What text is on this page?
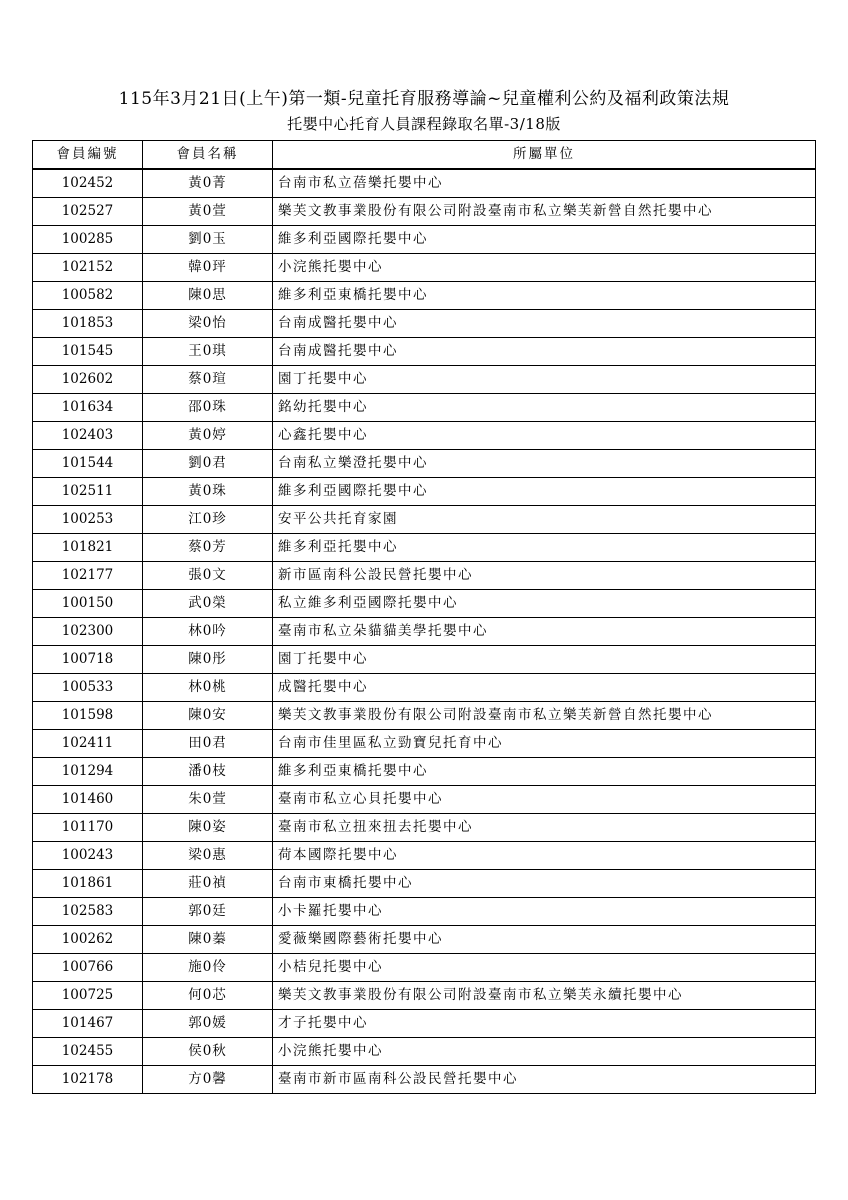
115年3月21日(上午)第一類-兒童托育服務導論~兒童權利公約及福利政策法規
托嬰中心托育人員課程錄取名單-3/18版
會員編號	會員名稱	所屬單位
102452	黃0菁	台南市私立蓓樂托嬰中心
102527	黃0萱	樂芙文教事業股份有限公司附設臺南市私立樂芙新營自然托嬰中心
100285	劉0玉	維多利亞國際托嬰中心
102152	韓0玶	小浣熊托嬰中心
100582	陳0思	維多利亞東橋托嬰中心
101853	梁0怡	台南成醫托嬰中心
101545	王0琪	台南成醫托嬰中心
102602	蔡0瑄	園丁托嬰中心
101634	邵0珠	銘幼托嬰中心
102403	黃0婷	心鑫托嬰中心
101544	劉0君	台南私立樂澄托嬰中心
102511	黃0珠	維多利亞國際托嬰中心
100253	江0珍	安平公共托育家園
101821	蔡0芳	維多利亞托嬰中心
102177	張0文	新市區南科公設民營托嬰中心
100150	武0榮	私立維多利亞國際托嬰中心
102300	林0吟	臺南市私立朵貓貓美學托嬰中心
100718	陳0彤	園丁托嬰中心
100533	林0桃	成醫托嬰中心
101598	陳0安	樂芙文教事業股份有限公司附設臺南市私立樂芙新營自然托嬰中心
102411	田0君	台南市佳里區私立勁寶兒托育中心
101294	潘0枝	維多利亞東橋托嬰中心
101460	朱0萱	臺南市私立心貝托嬰中心
101170	陳0姿	臺南市私立扭來扭去托嬰中心
100243	梁0惠	荷本國際托嬰中心
101861	莊0禎	台南市東橋托嬰中心
102583	郭0廷	小卡羅托嬰中心
100262	陳0蓁	愛薇樂國際藝術托嬰中心
100766	施0伶	小桔兒托嬰中心
100725	何0芯	樂芙文教事業股份有限公司附設臺南市私立樂芙永續托嬰中心
101467	郭0媛	才子托嬰中心
102455	侯0秋	小浣熊托嬰中心
102178	方0馨	臺南市新市區南科公設民營托嬰中心
